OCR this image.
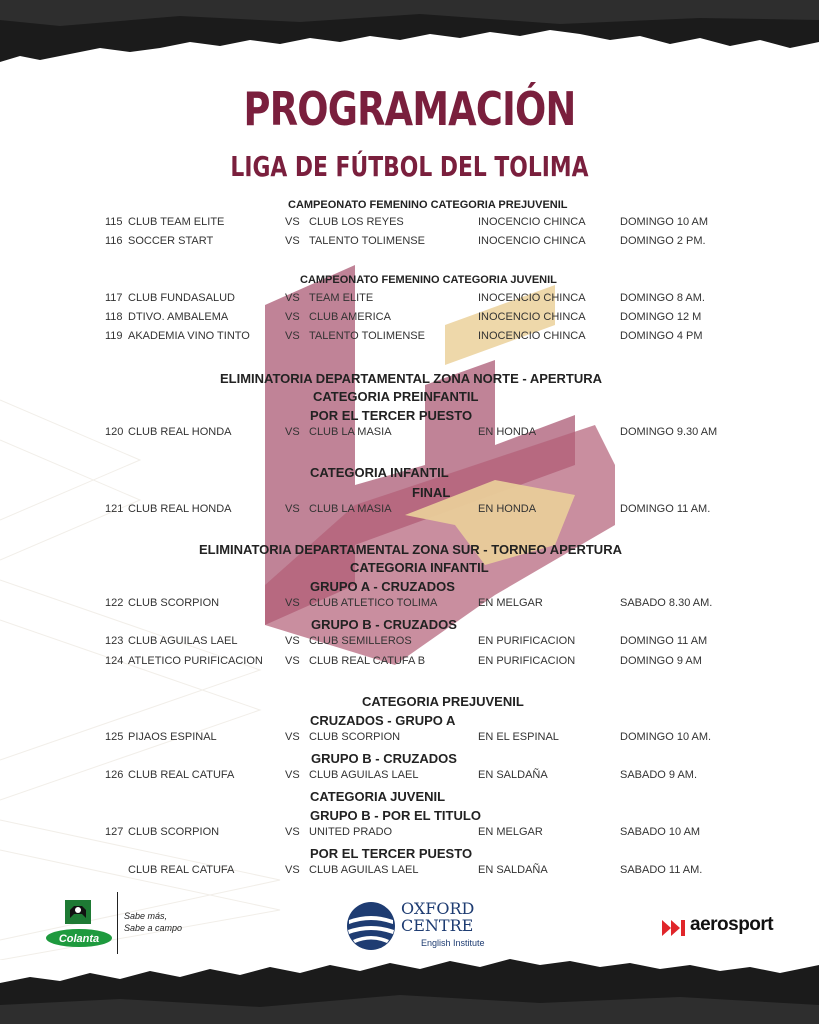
PROGRAMACIÓN
LIGA DE FÚTBOL DEL TOLIMA
CAMPEONATO FEMENINO CATEGORIA PREJUVENIL
CAMPEONATO FEMENINO CATEGORIA JUVENIL
ELIMINATORIA DEPARTAMENTAL ZONA NORTE - APERTURA
CATEGORIA PREINFANTIL
POR EL TERCER PUESTO
CATEGORIA INFANTIL
FINAL
ELIMINATORIA DEPARTAMENTAL ZONA SUR - TORNEO APERTURA
CATEGORIA INFANTIL
GRUPO A - CRUZADOS
GRUPO B - CRUZADOS
CATEGORIA PREJUVENIL
CRUZADOS - GRUPO A
GRUPO B - CRUZADOS
CATEGORIA JUVENIL
GRUPO B - POR EL TITULO
POR EL TERCER PUESTO
115 CLUB TEAM ELITE	VS CLUB LOS REYES	INOCENCIO CHINCA	DOMINGO 10 AM
116 SOCCER START	VS TALENTO TOLIMENSE	INOCENCIO CHINCA	DOMINGO 2 PM.
117 CLUB FUNDASALUD	VS TEAM ELITE	INOCENCIO CHINCA	DOMINGO 8 AM.
118 DTIVO. AMBALEMA	VS CLUB AMERICA	INOCENCIO CHINCA	DOMINGO 12 M
119 AKADEMIA VINO TINTO	VS TALENTO TOLIMENSE	INOCENCIO CHINCA	DOMINGO 4 PM
120 CLUB REAL HONDA	VS CLUB LA MASIA	EN HONDA	DOMINGO 9.30 AM
121 CLUB REAL HONDA	VS CLUB LA MASIA	EN HONDA	DOMINGO 11 AM.
122 CLUB SCORPION	VS CLUB ATLETICO TOLIMA	EN MELGAR	SABADO 8.30 AM.
123 CLUB AGUILAS LAEL	VS CLUB SEMILLEROS	EN PURIFICACION	DOMINGO 11 AM
124 ATLETICO PURIFICACION VS CLUB REAL CATUFA B	EN PURIFICACION	DOMINGO 9 AM
125 PIJAOS ESPINAL	VS CLUB SCORPION	EN EL ESPINAL	DOMINGO 10 AM.
126 CLUB REAL CATUFA	VS CLUB AGUILAS LAEL	EN SALDAÑA	SABADO 9 AM.
127 CLUB SCORPION	VS UNITED PRADO	EN MELGAR	SABADO 10 AM
CLUB REAL CATUFA	VS CLUB AGUILAS LAEL	EN SALDAÑA	SABADO 11 AM.
Colanta
Sabe más,
Sabe a campo
OXFORD
CENTRE
English Institute
aerosport
